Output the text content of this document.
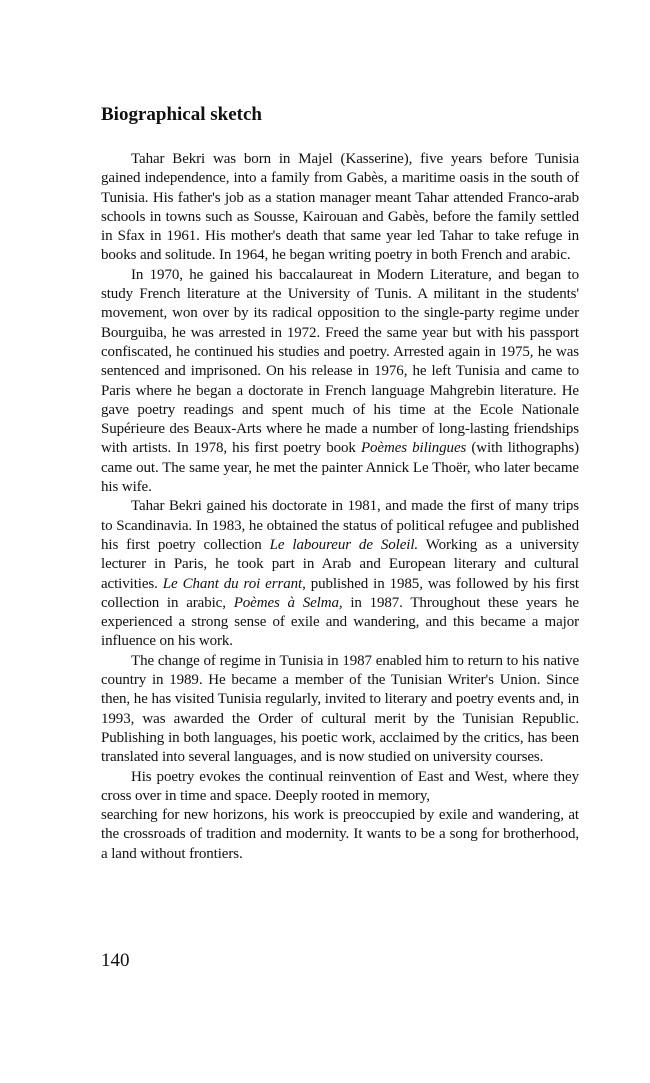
Biographical sketch

Tahar Bekri was born in Majel (Kasserine), five years before Tunisia gained independence, into a family from Gabès, a maritime oasis in the south of Tunisia. His father's job as a station manager meant Tahar attended Franco-arab schools in towns such as Sousse, Kairouan and Gabès, before the family settled in Sfax in 1961. His mother's death that same year led Tahar to take refuge in books and solitude. In 1964, he began writing poetry in both French and arabic.

In 1970, he gained his baccalaureat in Modern Literature, and began to study French literature at the University of Tunis. A militant in the students' movement, won over by its radical opposition to the single-party regime under Bourguiba, he was arrested in 1972. Freed the same year but with his passport confiscated, he continued his studies and poetry. Arrested again in 1975, he was sentenced and imprisoned. On his release in 1976, he left Tunisia and came to Paris where he began a doctorate in French language Mahgrebin literature. He gave poetry readings and spent much of his time at the Ecole Nationale Supérieure des Beaux-Arts where he made a number of long-lasting friendships with artists. In 1978, his first poetry book Poèmes bilingues (with lithographs) came out. The same year, he met the painter Annick Le Thoër, who later became his wife.

Tahar Bekri gained his doctorate in 1981, and made the first of many trips to Scandinavia. In 1983, he obtained the status of political refugee and published his first poetry collection Le laboureur de Soleil. Working as a university lecturer in Paris, he took part in Arab and European literary and cultural activities. Le Chant du roi errant, published in 1985, was followed by his first collection in arabic, Poèmes à Selma, in 1987. Throughout these years he experienced a strong sense of exile and wandering, and this became a major influence on his work.

The change of regime in Tunisia in 1987 enabled him to return to his native country in 1989. He became a member of the Tunisian Writer's Union. Since then, he has visited Tunisia regularly, invited to literary and poetry events and, in 1993, was awarded the Order of cultural merit by the Tunisian Republic. Publishing in both languages, his poetic work, acclaimed by the critics, has been translated into several languages, and is now studied on university courses.

His poetry evokes the continual reinvention of East and West, where they cross over in time and space. Deeply rooted in memory,
searching for new horizons, his work is preoccupied by exile and wandering, at the crossroads of tradition and modernity. It wants to be a song for brotherhood, a land without frontiers.

140
